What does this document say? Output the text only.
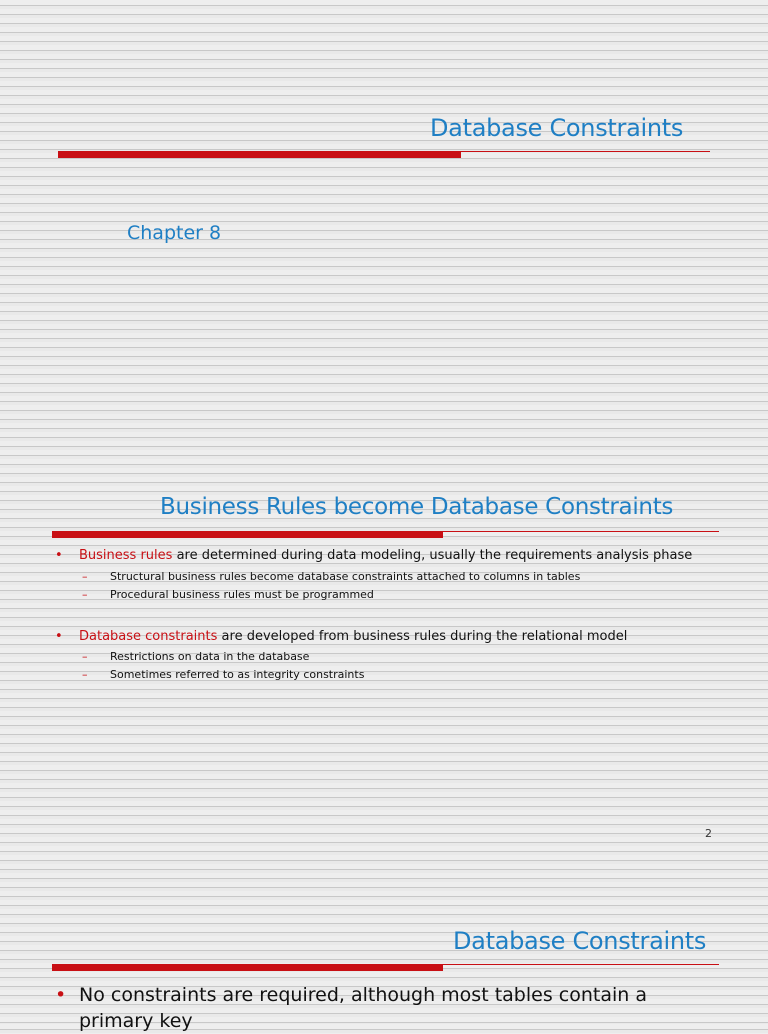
Database Constraints
Chapter 8
Business Rules become Database Constraints
• Business rules are determined during data modeling, usually the requirements analysis phase
– Structural business rules become database constraints attached to columns in tables
– Procedural business rules must be programmed
• Database constraints are developed from business rules during the relational model
– Restrictions on data in the database
– Sometimes referred to as integrity constraints
2
Database Constraints
• No constraints are required, although most tables contain a
primary key
